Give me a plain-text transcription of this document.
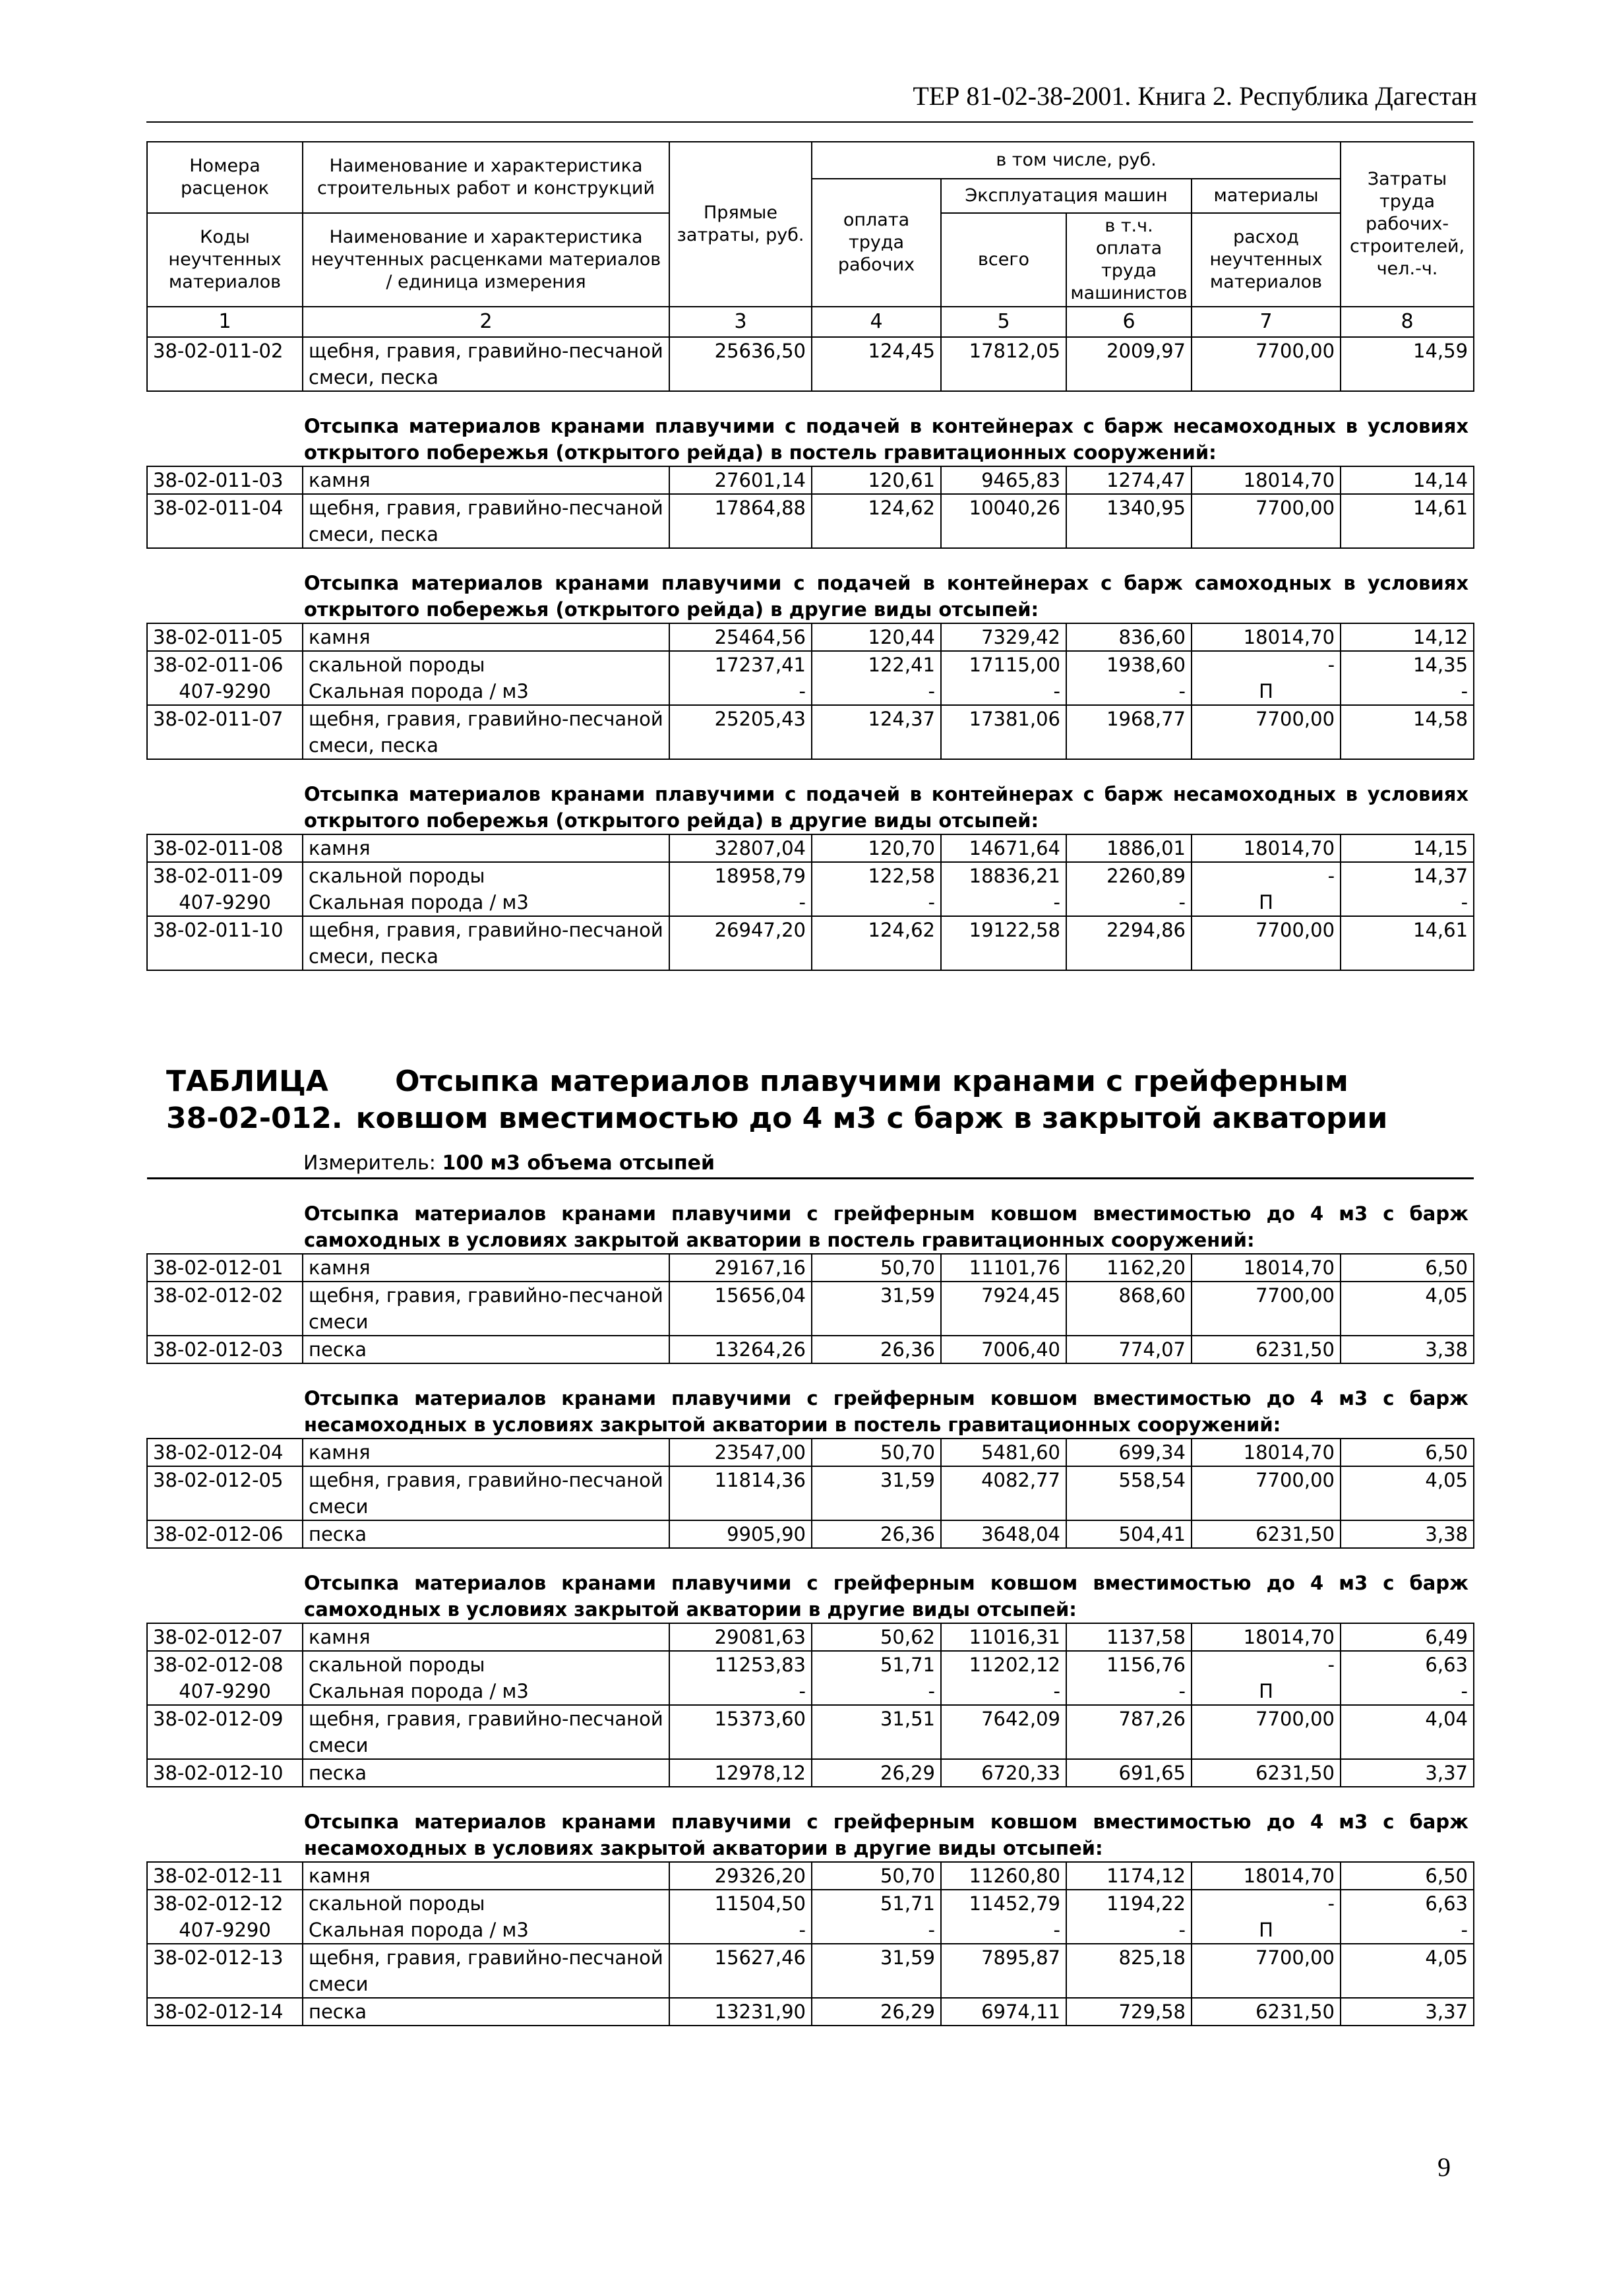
ТЕР 81-02-38-2001. Книга 2. Республика Дагестан
Номера расценок	Наименование и характеристика строительных работ и конструкций	Прямые затраты, руб.	в том числе, руб.				Затраты труда рабочих-строителей, чел.-ч.
			оплата труда рабочих	Эксплуатация машин		материалы	
Коды неучтенных материалов	Наименование и характеристика неучтенных расценками материалов / единица измерения			всего	в т.ч. оплата труда машинистов	расход неучтенных материалов	

1	2	3	4	5	6	7	8
38-02-011-02	щебня, гравия, гравийно-песчаной смеси, песка	25636,50	124,45	17812,05	2009,97	7700,00	14,59
Отсыпка материалов кранами плавучими с подачей в контейнерах с барж несамоходных в условиях открытого побережья (открытого рейда) в постель гравитационных сооружений:							
38-02-011-03	камня	27601,14	120,61	9465,83	1274,47	18014,70	14,14
38-02-011-04	щебня, гравия, гравийно-песчаной смеси, песка	17864,88	124,62	10040,26	1340,95	7700,00	14,61
Отсыпка материалов кранами плавучими с подачей в контейнерах с барж самоходных в условиях открытого побережья (открытого рейда) в другие виды отсыпей:							
38-02-011-05	камня	25464,56	120,44	7329,42	836,60	18014,70	14,12
38-02-011-06	скальной породы	17237,41	122,41	17115,00	1938,60	-	14,35
407-9290	Скальная порода / м3	-	-	-	-	П	-
38-02-011-07	щебня, гравия, гравийно-песчаной смеси, песка	25205,43	124,37	17381,06	1968,77	7700,00	14,58
Отсыпка материалов кранами плавучими с подачей в контейнерах с барж несамоходных в условиях открытого побережья (открытого рейда) в другие виды отсыпей:							
38-02-011-08	камня	32807,04	120,70	14671,64	1886,01	18014,70	14,15
38-02-011-09	скальной породы	18958,79	122,58	18836,21	2260,89	-	14,37
407-9290	Скальная порода / м3	-	-	-	-	П	-
38-02-011-10	щебня, гравия, гравийно-песчаной смеси, песка	26947,20	124,62	19122,58	2294,86	7700,00	14,61
ТАБЛИЦА 38-02-012.Отсыпка материалов плавучими кранами с грейферным ковшом вместимостью до 4 м3 с барж в закрытой акватории
Измеритель: 100 м3 объема отсыпей
Отсыпка материалов кранами плавучими с грейферным ковшом вместимостью до 4 м3 с барж самоходных в условиях закрытой акватории в постель гравитационных сооружений:							
38-02-012-01	камня	29167,16	50,70	11101,76	1162,20	18014,70	6,50
38-02-012-02	щебня, гравия, гравийно-песчаной смеси	15656,04	31,59	7924,45	868,60	7700,00	4,05
38-02-012-03	песка	13264,26	26,36	7006,40	774,07	6231,50	3,38
Отсыпка материалов кранами плавучими с грейферным ковшом вместимостью до 4 м3 с барж несамоходных в условиях закрытой акватории в постель гравитационных сооружений:							
38-02-012-04	камня	23547,00	50,70	5481,60	699,34	18014,70	6,50
38-02-012-05	щебня, гравия, гравийно-песчаной смеси	11814,36	31,59	4082,77	558,54	7700,00	4,05
38-02-012-06	песка	9905,90	26,36	3648,04	504,41	6231,50	3,38
Отсыпка материалов кранами плавучими с грейферным ковшом вместимостью до 4 м3 с барж самоходных в условиях закрытой акватории в другие виды отсыпей:							
38-02-012-07	камня	29081,63	50,62	11016,31	1137,58	18014,70	6,49
38-02-012-08	скальной породы	11253,83	51,71	11202,12	1156,76	-	6,63
407-9290	Скальная порода / м3	-	-	-	-	П	-
38-02-012-09	щебня, гравия, гравийно-песчаной смеси	15373,60	31,51	7642,09	787,26	7700,00	4,04
38-02-012-10	песка	12978,12	26,29	6720,33	691,65	6231,50	3,37
Отсыпка материалов кранами плавучими с грейферным ковшом вместимостью до 4 м3 с барж несамоходных в условиях закрытой акватории в другие виды отсыпей:							
38-02-012-11	камня	29326,20	50,70	11260,80	1174,12	18014,70	6,50
38-02-012-12	скальной породы	11504,50	51,71	11452,79	1194,22	-	6,63
407-9290	Скальная порода / м3	-	-	-	-	П	-
38-02-012-13	щебня, гравия, гравийно-песчаной смеси	15627,46	31,59	7895,87	825,18	7700,00	4,05
38-02-012-14	песка	13231,90	26,29	6974,11	729,58	6231,50	3,37
9
